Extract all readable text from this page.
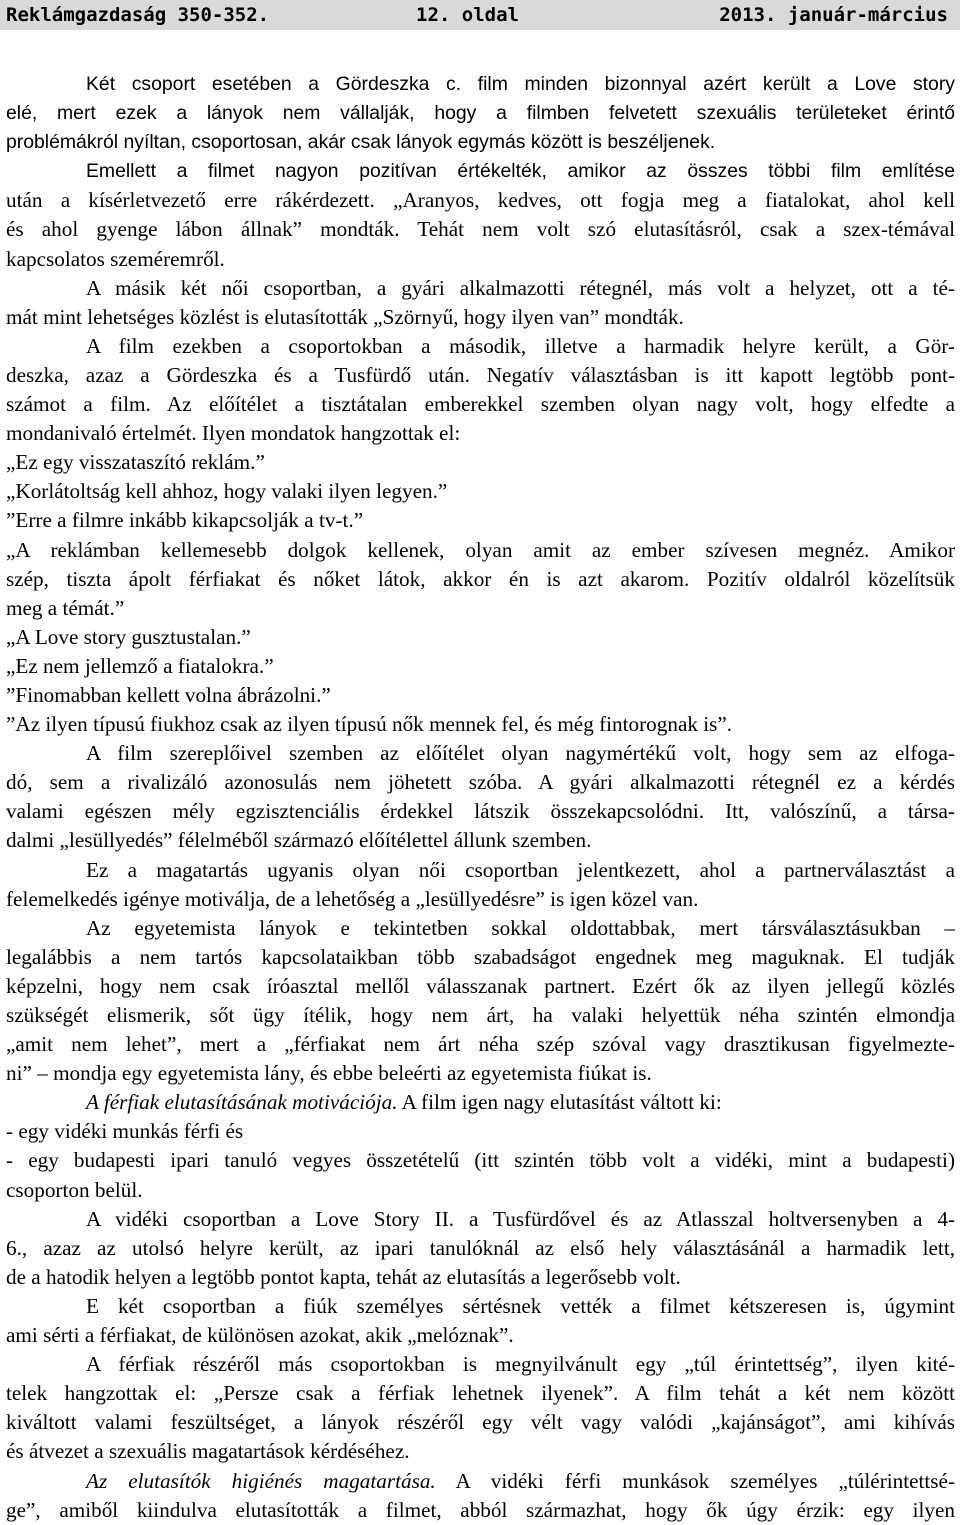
Reklámgazdaság 350-352.	12. oldal	2013. január-március
Két csoport esetében a Gördeszka c. film minden bizonnyal azért került a Love story
elé, mert ezek a lányok nem vállalják, hogy a filmben felvetett szexuális területeket érintő
problémákról nyíltan, csoportosan, akár csak lányok egymás között is beszéljenek.
Emellett a filmet nagyon pozitívan értékelték, amikor az összes többi film említése
után a kísérletvezető erre rákérdezett. „Aranyos, kedves, ott fogja meg a fiatalokat, ahol kell
és ahol gyenge lábon állnak” mondták. Tehát nem volt szó elutasításról, csak a szex-témával
kapcsolatos szeméremről.
A másik két női csoportban, a gyári alkalmazotti rétegnél, más volt a helyzet, ott a té-
mát mint lehetséges közlést is elutasították „Szörnyű, hogy ilyen van” mondták.
A film ezekben a csoportokban a második, illetve a harmadik helyre került, a Gör-
deszka, azaz a Gördeszka és a Tusfürdő után. Negatív választásban is itt kapott legtöbb pont-
számot a film. Az előítélet a tisztátalan emberekkel szemben olyan nagy volt, hogy elfedte a
mondanivaló értelmét. Ilyen mondatok hangzottak el:
„Ez egy visszataszító reklám.”
„Korlátoltság kell ahhoz, hogy valaki ilyen legyen.”
”Erre a filmre inkább kikapcsolják a tv-t.”
„A reklámban kellemesebb dolgok kellenek, olyan amit az ember szívesen megnéz. Amikor
szép, tiszta ápolt férfiakat és nőket látok, akkor én is azt akarom. Pozitív oldalról közelítsük
meg a témát.”
„A Love story gusztustalan.”
„Ez nem jellemző a fiatalokra.”
”Finomabban kellett volna ábrázolni.”
”Az ilyen típusú fiukhoz csak az ilyen típusú nők mennek fel, és még fintorognak is”.
A film szereplőivel szemben az előítélet olyan nagymértékű volt, hogy sem az elfoga-
dó, sem a rivalizáló azonosulás nem jöhetett szóba. A gyári alkalmazotti rétegnél ez a kérdés
valami egészen mély egzisztenciális érdekkel látszik összekapcsolódni. Itt, valószínű, a társa-
dalmi „lesüllyedés” félelméből származó előítélettel állunk szemben.
Ez a magatartás ugyanis olyan női csoportban jelentkezett, ahol a partnerválasztást a
felemelkedés igénye motiválja, de a lehetőség a „lesüllyedésre” is igen közel van.
Az egyetemista lányok e tekintetben sokkal oldottabbak, mert társválasztásukban –
legalábbis a nem tartós kapcsolataikban több szabadságot engednek meg maguknak. El tudják
képzelni, hogy nem csak íróasztal mellől válasszanak partnert. Ezért ők az ilyen jellegű közlés
szükségét elismerik, sőt ügy ítélik, hogy nem árt, ha valaki helyettük néha szintén elmondja
„amit nem lehet”, mert a „férfiakat nem árt néha szép szóval vagy drasztikusan figyelmezte-
ni” – mondja egy egyetemista lány, és ebbe beleérti az egyetemista fiúkat is.
A férfiak elutasításának motivációja. A film igen nagy elutasítást váltott ki:
- egy vidéki munkás férfi és
- egy budapesti ipari tanuló vegyes összetételű (itt szintén több volt a vidéki, mint a budapesti)
csoporton belül.
A vidéki csoportban a Love Story II. a Tusfürdővel és az Atlasszal holtversenyben a 4-
6., azaz az utolsó helyre került, az ipari tanulóknál az első hely választásánál a harmadik lett,
de a hatodik helyen a legtöbb pontot kapta, tehát az elutasítás a legerősebb volt.
E két csoportban a fiúk személyes sértésnek vették a filmet kétszeresen is, úgymint
ami sérti a férfiakat, de különösen azokat, akik „melóznak”.
A férfiak részéről más csoportokban is megnyilvánult egy „túl érintettség”, ilyen kité-
telek hangzottak el: „Persze csak a férfiak lehetnek ilyenek”. A film tehát a két nem között
kiváltott valami feszültséget, a lányok részéről egy vélt vagy valódi „kajánságot”, ami kihívás
és átvezet a szexuális magatartások kérdéséhez.
Az elutasítók higiénés magatartása. A vidéki férfi munkások személyes „túlérintettsé-
ge”, amiből kiindulva elutasították a filmet, abból származhat, hogy ők úgy érzik: egy ilyen
